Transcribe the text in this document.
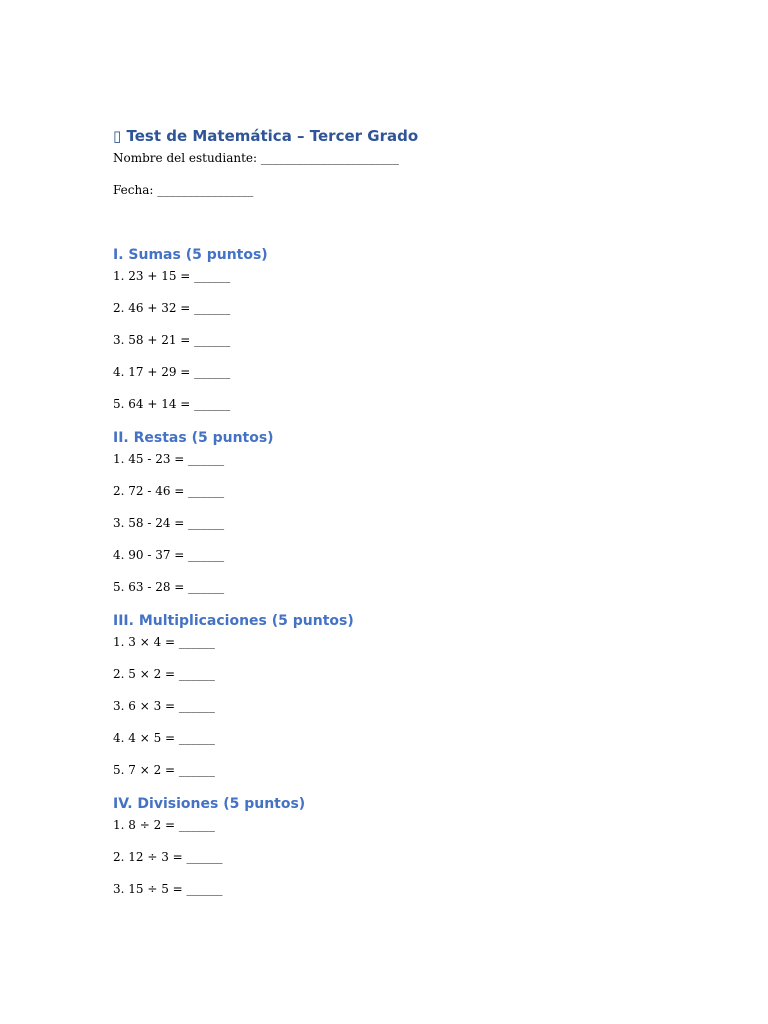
▯ Test de Matemática – Tercer Grado

Nombre del estudiante: _______________________

Fecha: ________________

I. Sumas (5 puntos)
1. 23 + 15 = ______
2. 46 + 32 = ______
3. 58 + 21 = ______
4. 17 + 29 = ______
5. 64 + 14 = ______
II. Restas (5 puntos)
1. 45 - 23 = ______
2. 72 - 46 = ______
3. 58 - 24 = ______
4. 90 - 37 = ______
5. 63 - 28 = ______
III. Multiplicaciones (5 puntos)
1. 3 × 4 = ______
2. 5 × 2 = ______
3. 6 × 3 = ______
4. 4 × 5 = ______
5. 7 × 2 = ______
IV. Divisiones (5 puntos)
1. 8 ÷ 2 = ______
2. 12 ÷ 3 = ______
3. 15 ÷ 5 = ______
